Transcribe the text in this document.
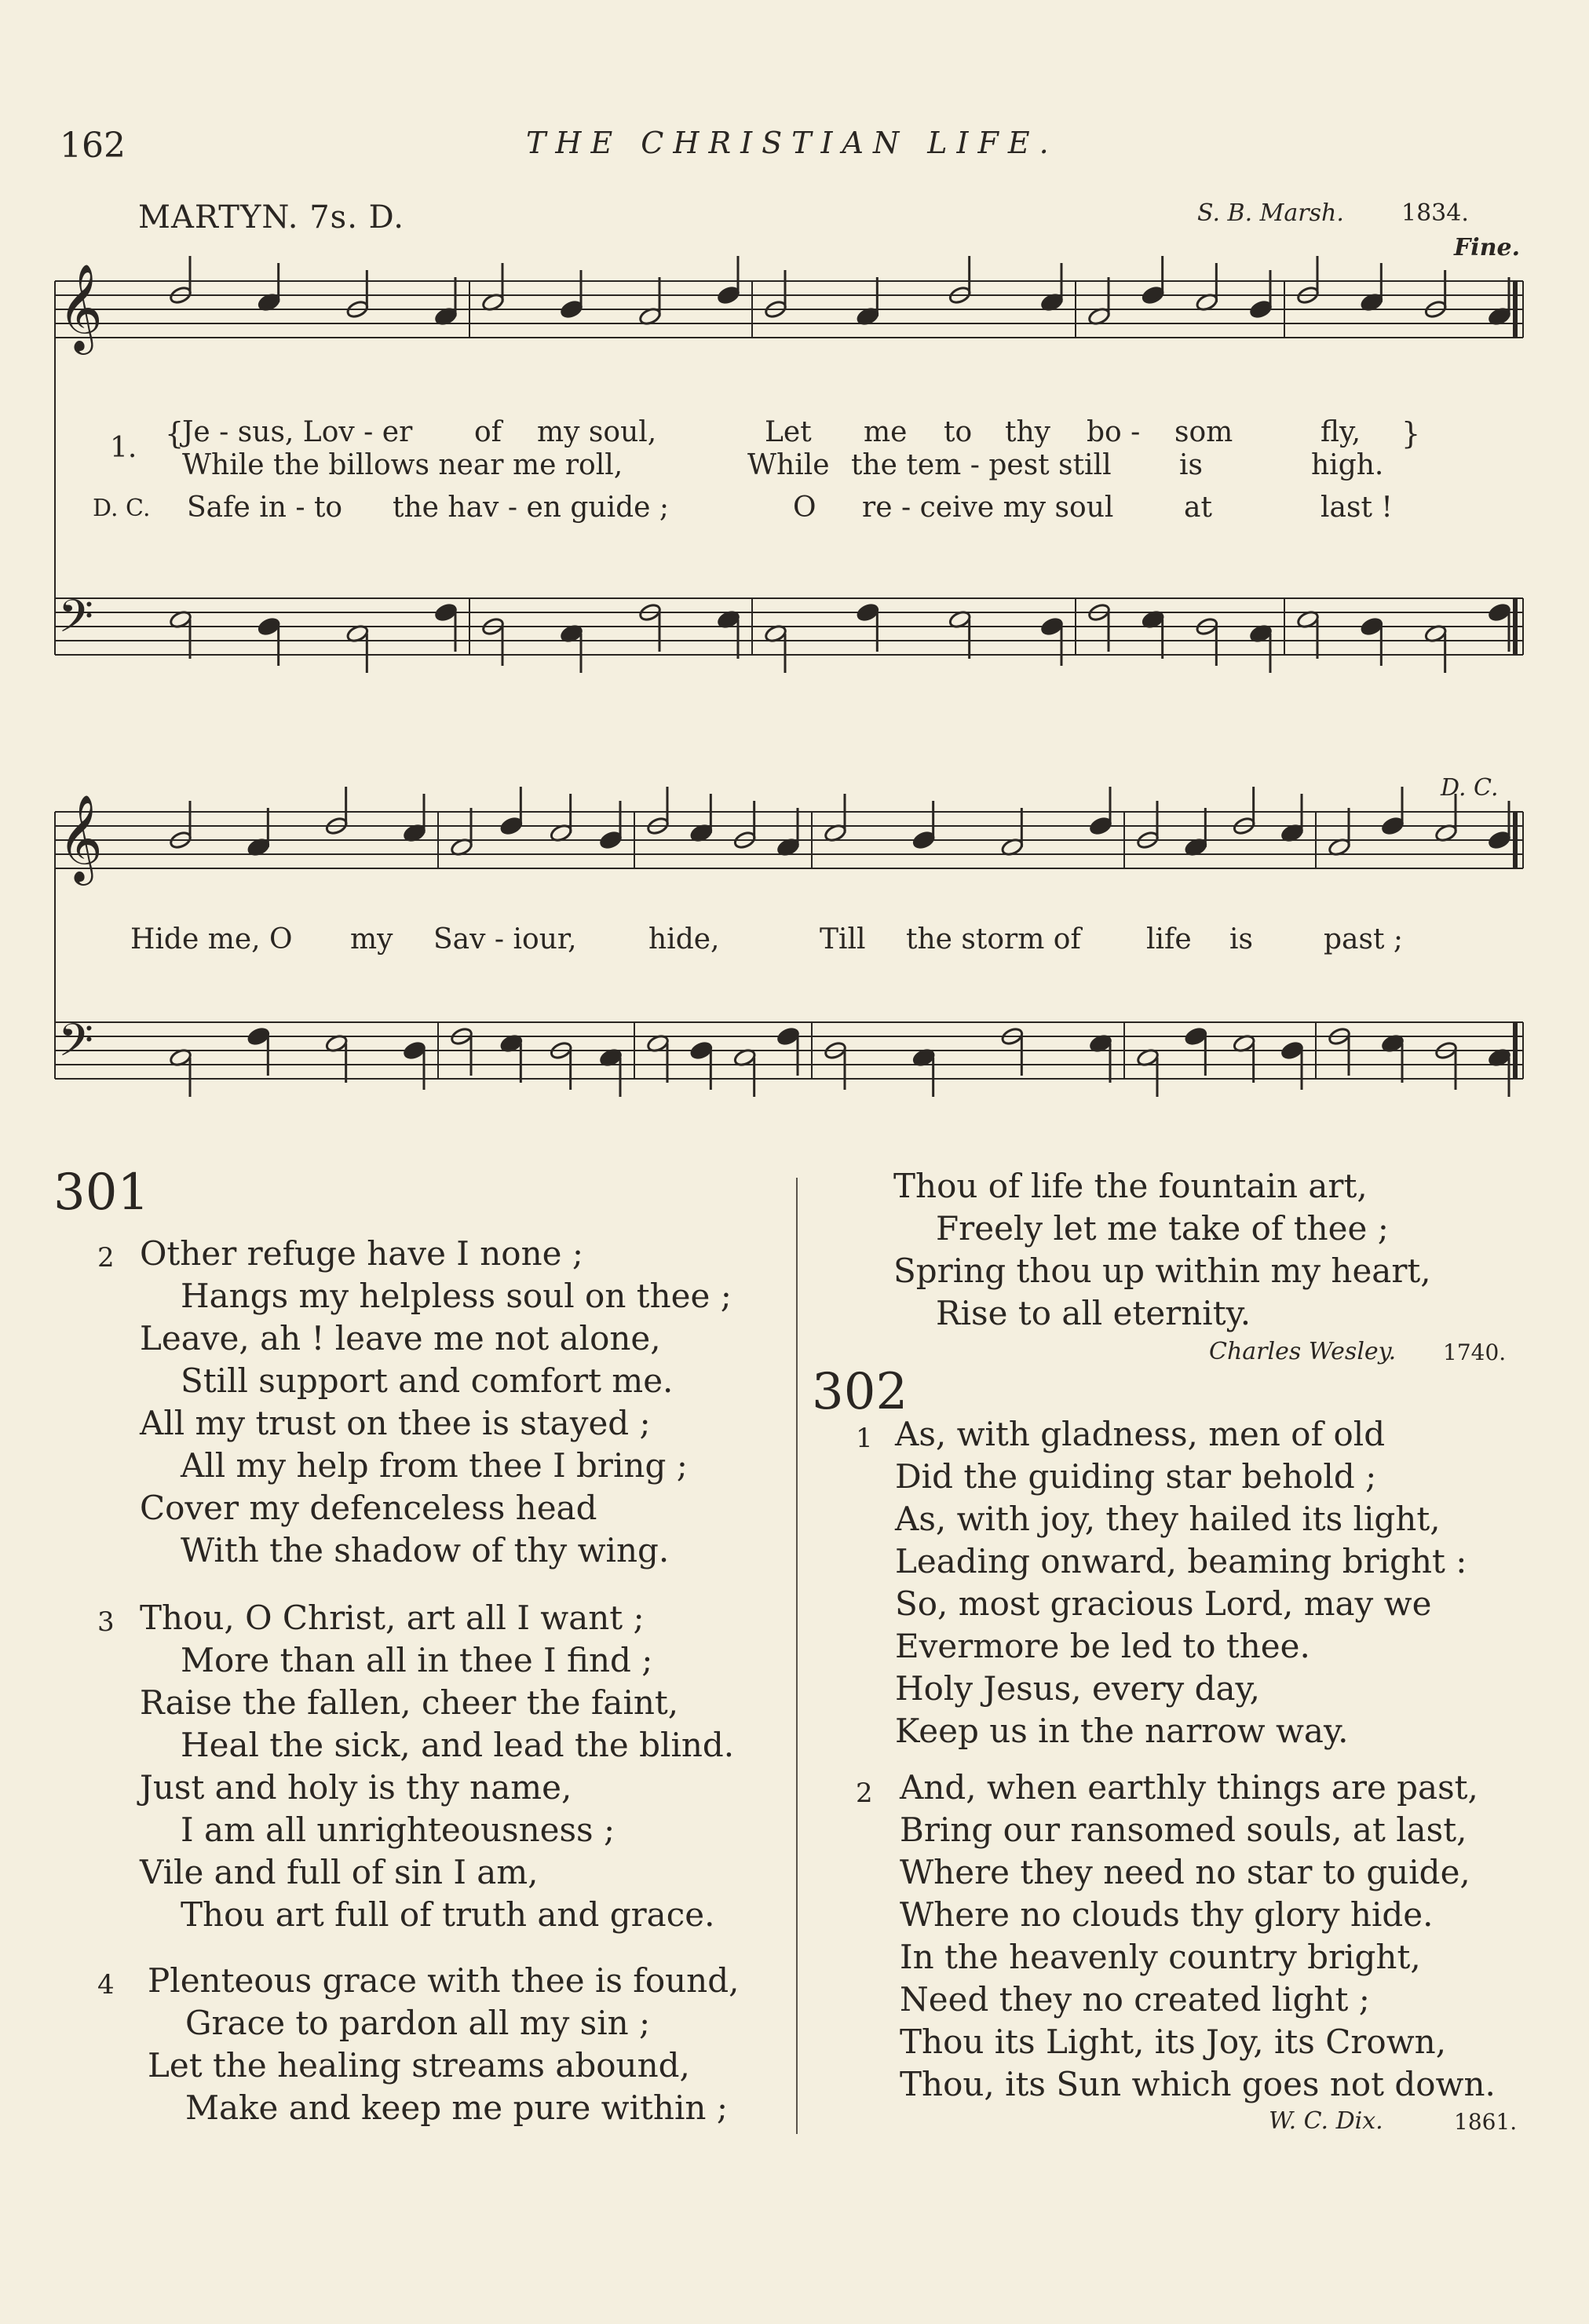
162	THE CHRISTIAN LIFE.
MARTYN. 7s. D.	S. B. Marsh. 1834.
Fine.
D. C.
𝄞
𝄢
𝄞
𝄢
1. {
Je - sus, Lov - er of my soul,	Let me to thy bo - som	fly, }
While the billows near me roll,	While the tem - pest still is	high.
D. C. Safe in - to the hav - en guide ;	O re - ceive my soul at	last !
Hide me, O my Sav - iour,	hide,	Till the storm of life is	past ;
301
2 Other refuge have I none ;
Hangs my helpless soul on thee ;
Leave, ah ! leave me not alone,
Still support and comfort me.
All my trust on thee is stayed ;
All my help from thee I bring ;
Cover my defenceless head
With the shadow of thy wing.
3 Thou, O Christ, art all I want ;
More than all in thee I find ;
Raise the fallen, cheer the faint,
Heal the sick, and lead the blind.
Just and holy is thy name,
I am all unrighteousness ;
Vile and full of sin I am,
Thou art full of truth and grace.
4 Plenteous grace with thee is found,
Grace to pardon all my sin ;
Let the healing streams abound,
Make and keep me pure within ;
Thou of life the fountain art,
Freely let me take of thee ;
Spring thou up within my heart,
Rise to all eternity.
Charles Wesley. 1740.
302
1 As, with gladness, men of old
Did the guiding star behold ;
As, with joy, they hailed its light,
Leading onward, beaming bright :
So, most gracious Lord, may we
Evermore be led to thee.
Holy Jesus, every day,
Keep us in the narrow way.
2 And, when earthly things are past,
Bring our ransomed souls, at last,
Where they need no star to guide,
Where no clouds thy glory hide.
In the heavenly country bright,
Need they no created light ;
Thou its Light, its Joy, its Crown,
Thou, its Sun which goes not down.
W. C. Dix.	1861.
